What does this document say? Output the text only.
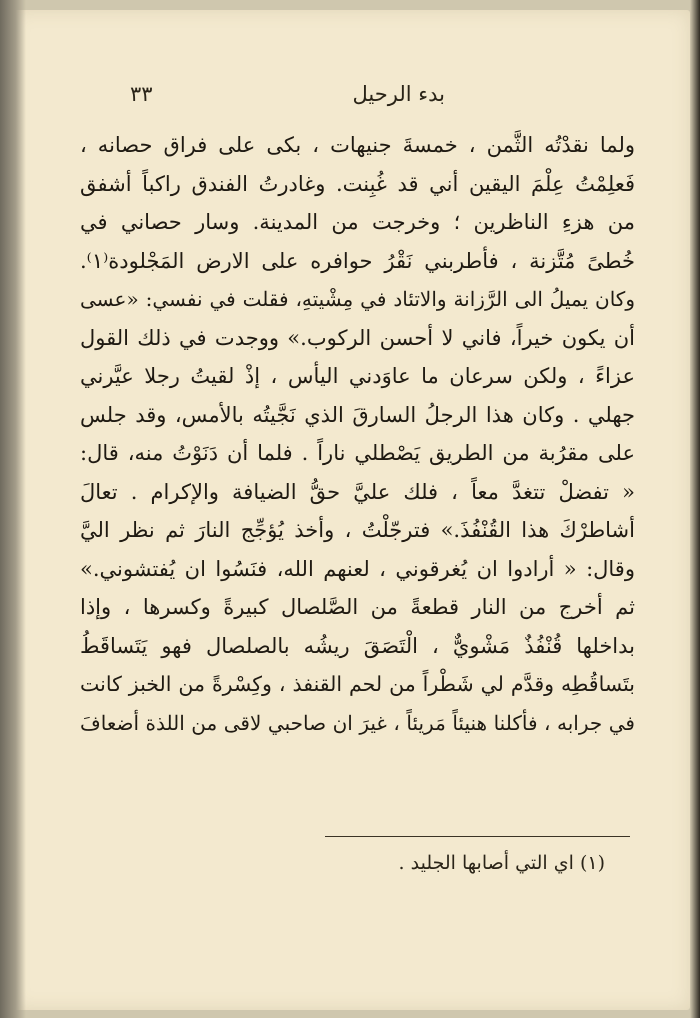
بدء الرحيل
٣٣
ولما نقدْتُه الثَّمن ، خمسةَ جنيهات ، بكى على فراق حصانه ،
فَعلِمْتُ عِلْمَ اليقين أني قد غُبِنت. وغادرتُ الفندق راكباً أشفق
من هزءِ الناظرين ؛ وخرجت من المدينة. وسار حصاني في
خُطىً مُتَّزنة ، فأطربني نَقْرُ حوافره على الارض المَجْلودة⁽١⁾.
وكان يميلُ الى الرَّزانة والاتئاد في مِشْيتهِ، فقلت في نفسي: «عسى
أن يكون خيراً، فاني لا أحسن الركوب.» ووجدت في ذلك القول
عزاءً ، ولكن سرعان ما عاوَدني اليأس ، إذْ لقيتُ رجلا عيَّرني
جهلي . وكان هذا الرجلُ السارقَ الذي نَجَّيتُه بالأمس، وقد جلس
على مقرُبة من الطريق يَصْطلي ناراً . فلما أن دَنَوْتُ منه، قال:
« تفضلْ تتغدَّ معاً ، فلك عليَّ حقُّ الضيافة والإكرام . تعالَ
أشاطرْكَ هذا القُنْفُذَ.» فترجّلْتُ ، وأخذ يُؤجِّج النارَ ثم نظر اليَّ
وقال: « أرادوا ان يُغرقوني ، لعنهم الله، فنَسُوا ان يُفتشوني.»
ثم أخرج من النار قطعةً من الصَّلصال كبيرةً وكسرها ، وإذا
بداخلها قُنْفُذٌ مَشْويٌّ ، الْتَصَقَ ريشُه بالصلصال فهو يَتَساقَطُ
بتَساقُطِه وقدَّم لي شَطْراً من لحم القنفذ ، وكِسْرةً من الخبز كانت
في جرابه ، فأكلنا هنيئاً مَريئاً ، غيرَ ان صاحبي لاقى من اللذة أضعافَ
(١) اي التي أصابها الجليد .
